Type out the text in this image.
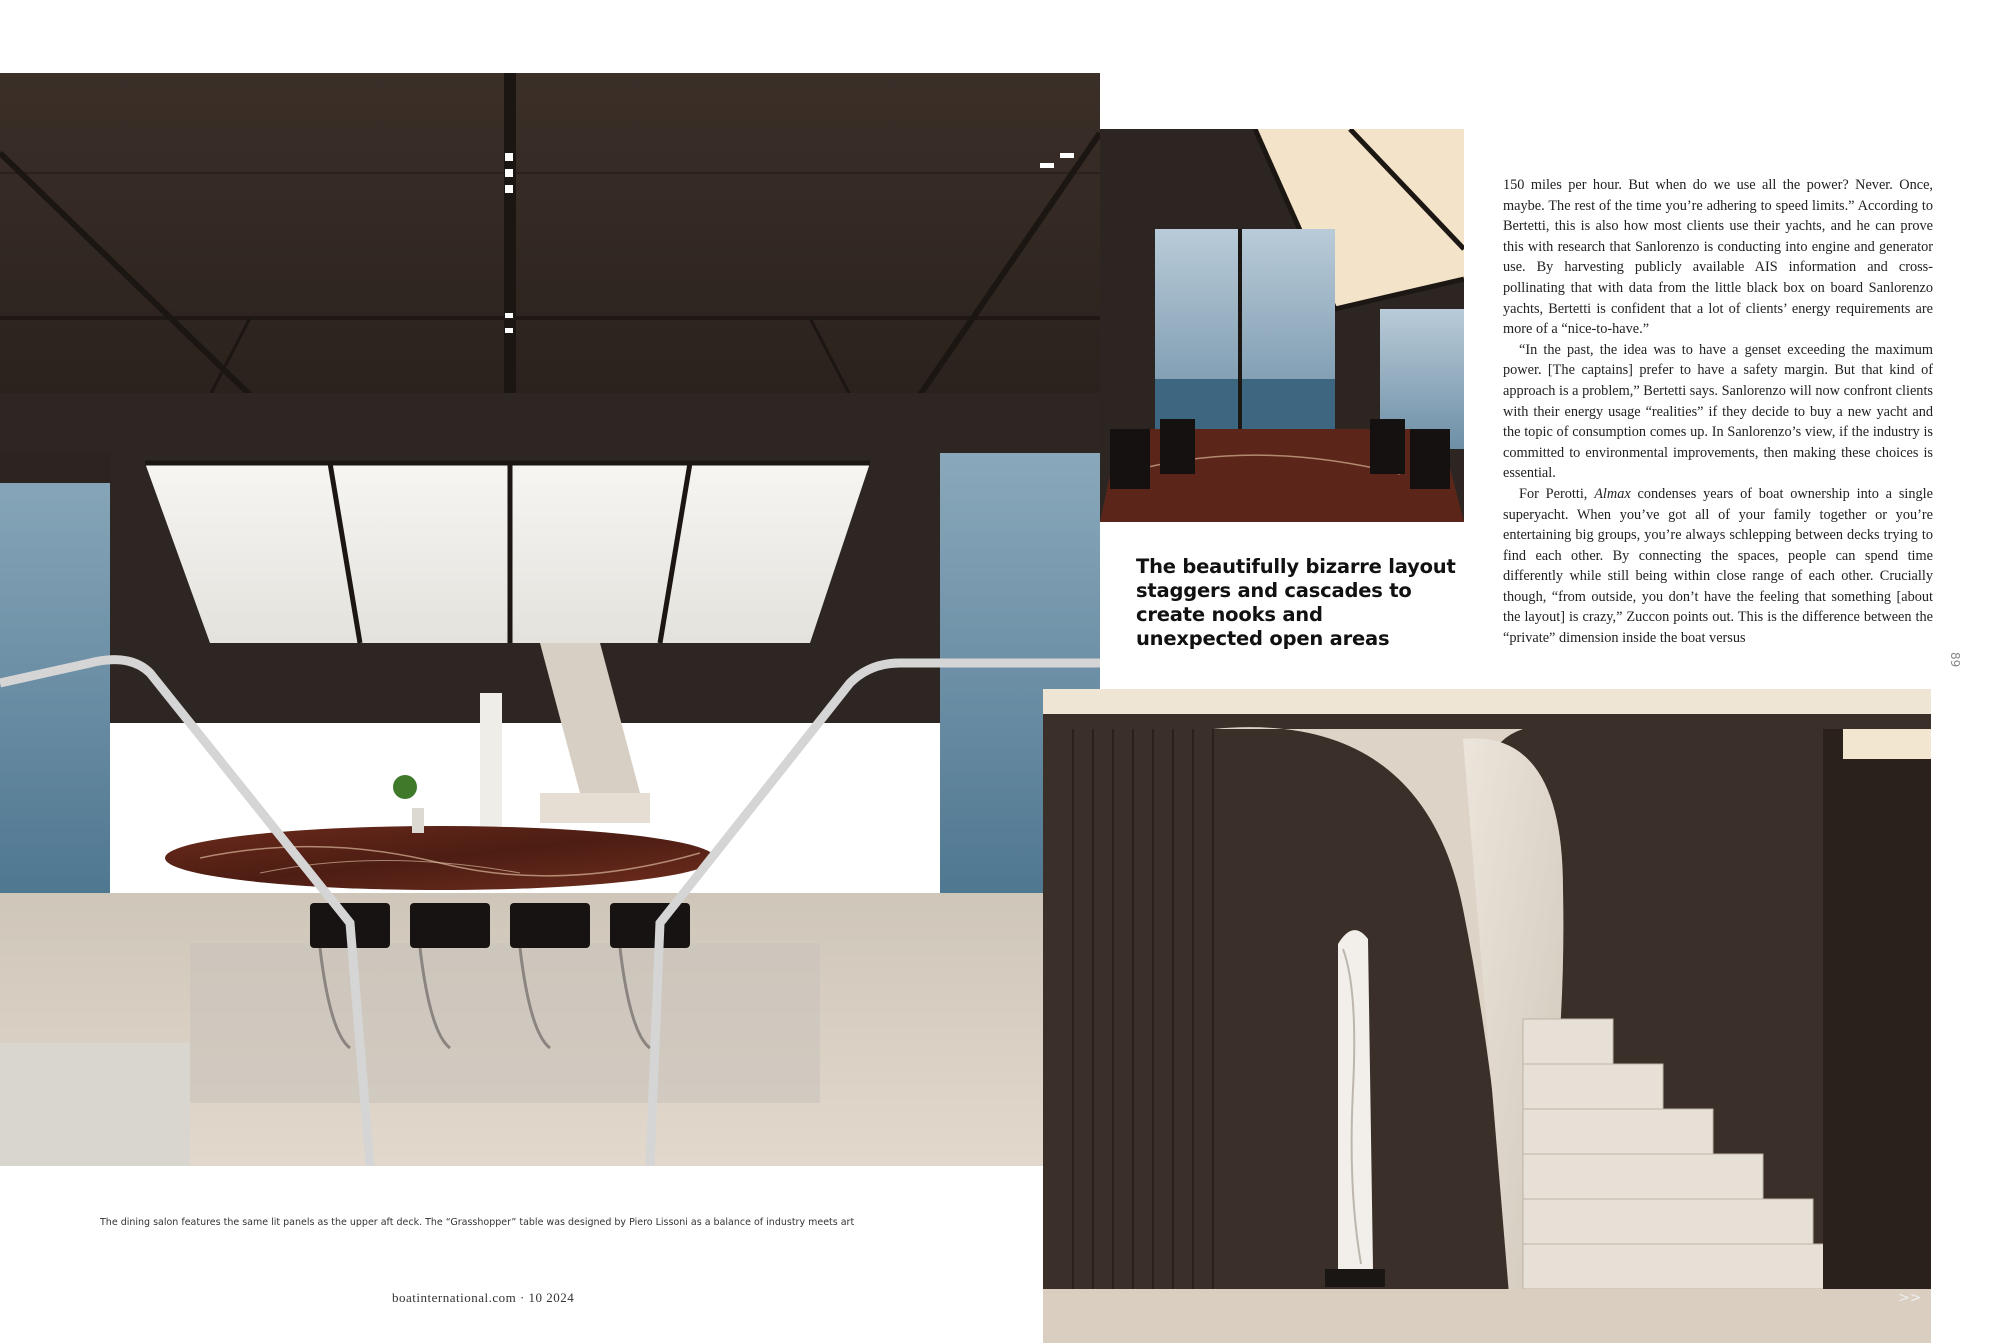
The beautifully bizarre layout staggers and cascades to create nooks and unexpected open areas

150 miles per hour. But when do we use all the power? Never. Once, maybe. The rest of the time you’re adhering to speed limits.” According to Bertetti, this is also how most clients use their yachts, and he can prove this with research that Sanlorenzo is conducting into engine and generator use. By harvesting publicly available AIS information and cross-pollinating that with data from the little black box on board Sanlorenzo yachts, Bertetti is confident that a lot of clients’ energy requirements are more of a “nice-to-have.”

“In the past, the idea was to have a genset exceeding the maximum power. [The captains] prefer to have a safety margin. But that kind of approach is a problem,” Bertetti says. Sanlorenzo will now confront clients with their energy usage “realities” if they decide to buy a new yacht and the topic of consumption comes up. In Sanlorenzo’s view, if the industry is committed to environmental improvements, then making these choices is essential.

For Perotti, Almax condenses years of boat ownership into a single superyacht. When you’ve got all of your family together or you’re entertaining big groups, you’re always schlepping between decks trying to find each other. By connecting the spaces, people can spend time differently while still being within close range of each other. Crucially though, “from outside, you don’t have the feeling that something [about the layout] is crazy,” Zuccon points out. This is the difference between the “private” dimension inside the boat versus

The dining salon features the same lit panels as the upper aft deck. The “Grasshopper” table was designed by Piero Lissoni as a balance of industry meets art
boatinternational.com · 10 2024
89
>>
